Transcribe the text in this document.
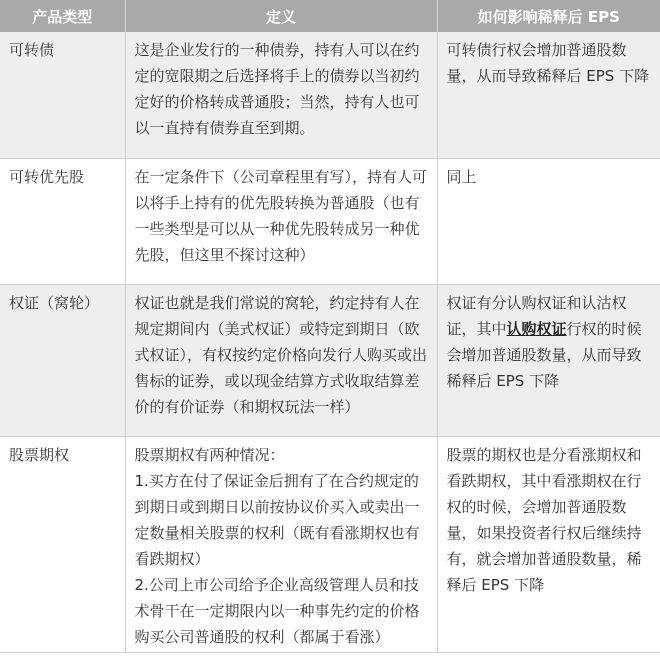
产品类型	定义	如何影响稀释后 EPS
可转债	这是企业发行的一种债券，持有人可以在约定的宽限期之后选择将手上的债券以当初约定好的价格转成普通股；当然，持有人也可以一直持有债券直至到期。	可转债行权会增加普通股数量，从而导致稀释后 EPS 下降
可转优先股	在一定条件下（公司章程里有写），持有人可以将手上持有的优先股转换为普通股（也有一些类型是可以从一种优先股转成另一种优先股，但这里不探讨这种）	同上
权证（窝轮）	权证也就是我们常说的窝轮，约定持有人在规定期间内（美式权证）或特定到期日（欧式权证），有权按约定价格向发行人购买或出售标的证券，或以现金结算方式收取结算差价的有价证券（和期权玩法一样）	权证有分认购权证和认沽权证，其中认购权证行权的时候会增加普通股数量，从而导致稀释后 EPS 下降
股票期权	股票期权有两种情况：
1.买方在付了保证金后拥有了在合约规定的到期日或到期日以前按协议价买入或卖出一定数量相关股票的权利（既有看涨期权也有看跌期权）
2.公司上市公司给予企业高级管理人员和技术骨干在一定期限内以一种事先约定的价格购买公司普通股的权利（都属于看涨）	股票的期权也是分看涨期权和看跌期权，其中看涨期权在行权的时候，会增加普通股数量，如果投资者行权后继续持有，就会增加普通股数量，稀释后 EPS 下降
